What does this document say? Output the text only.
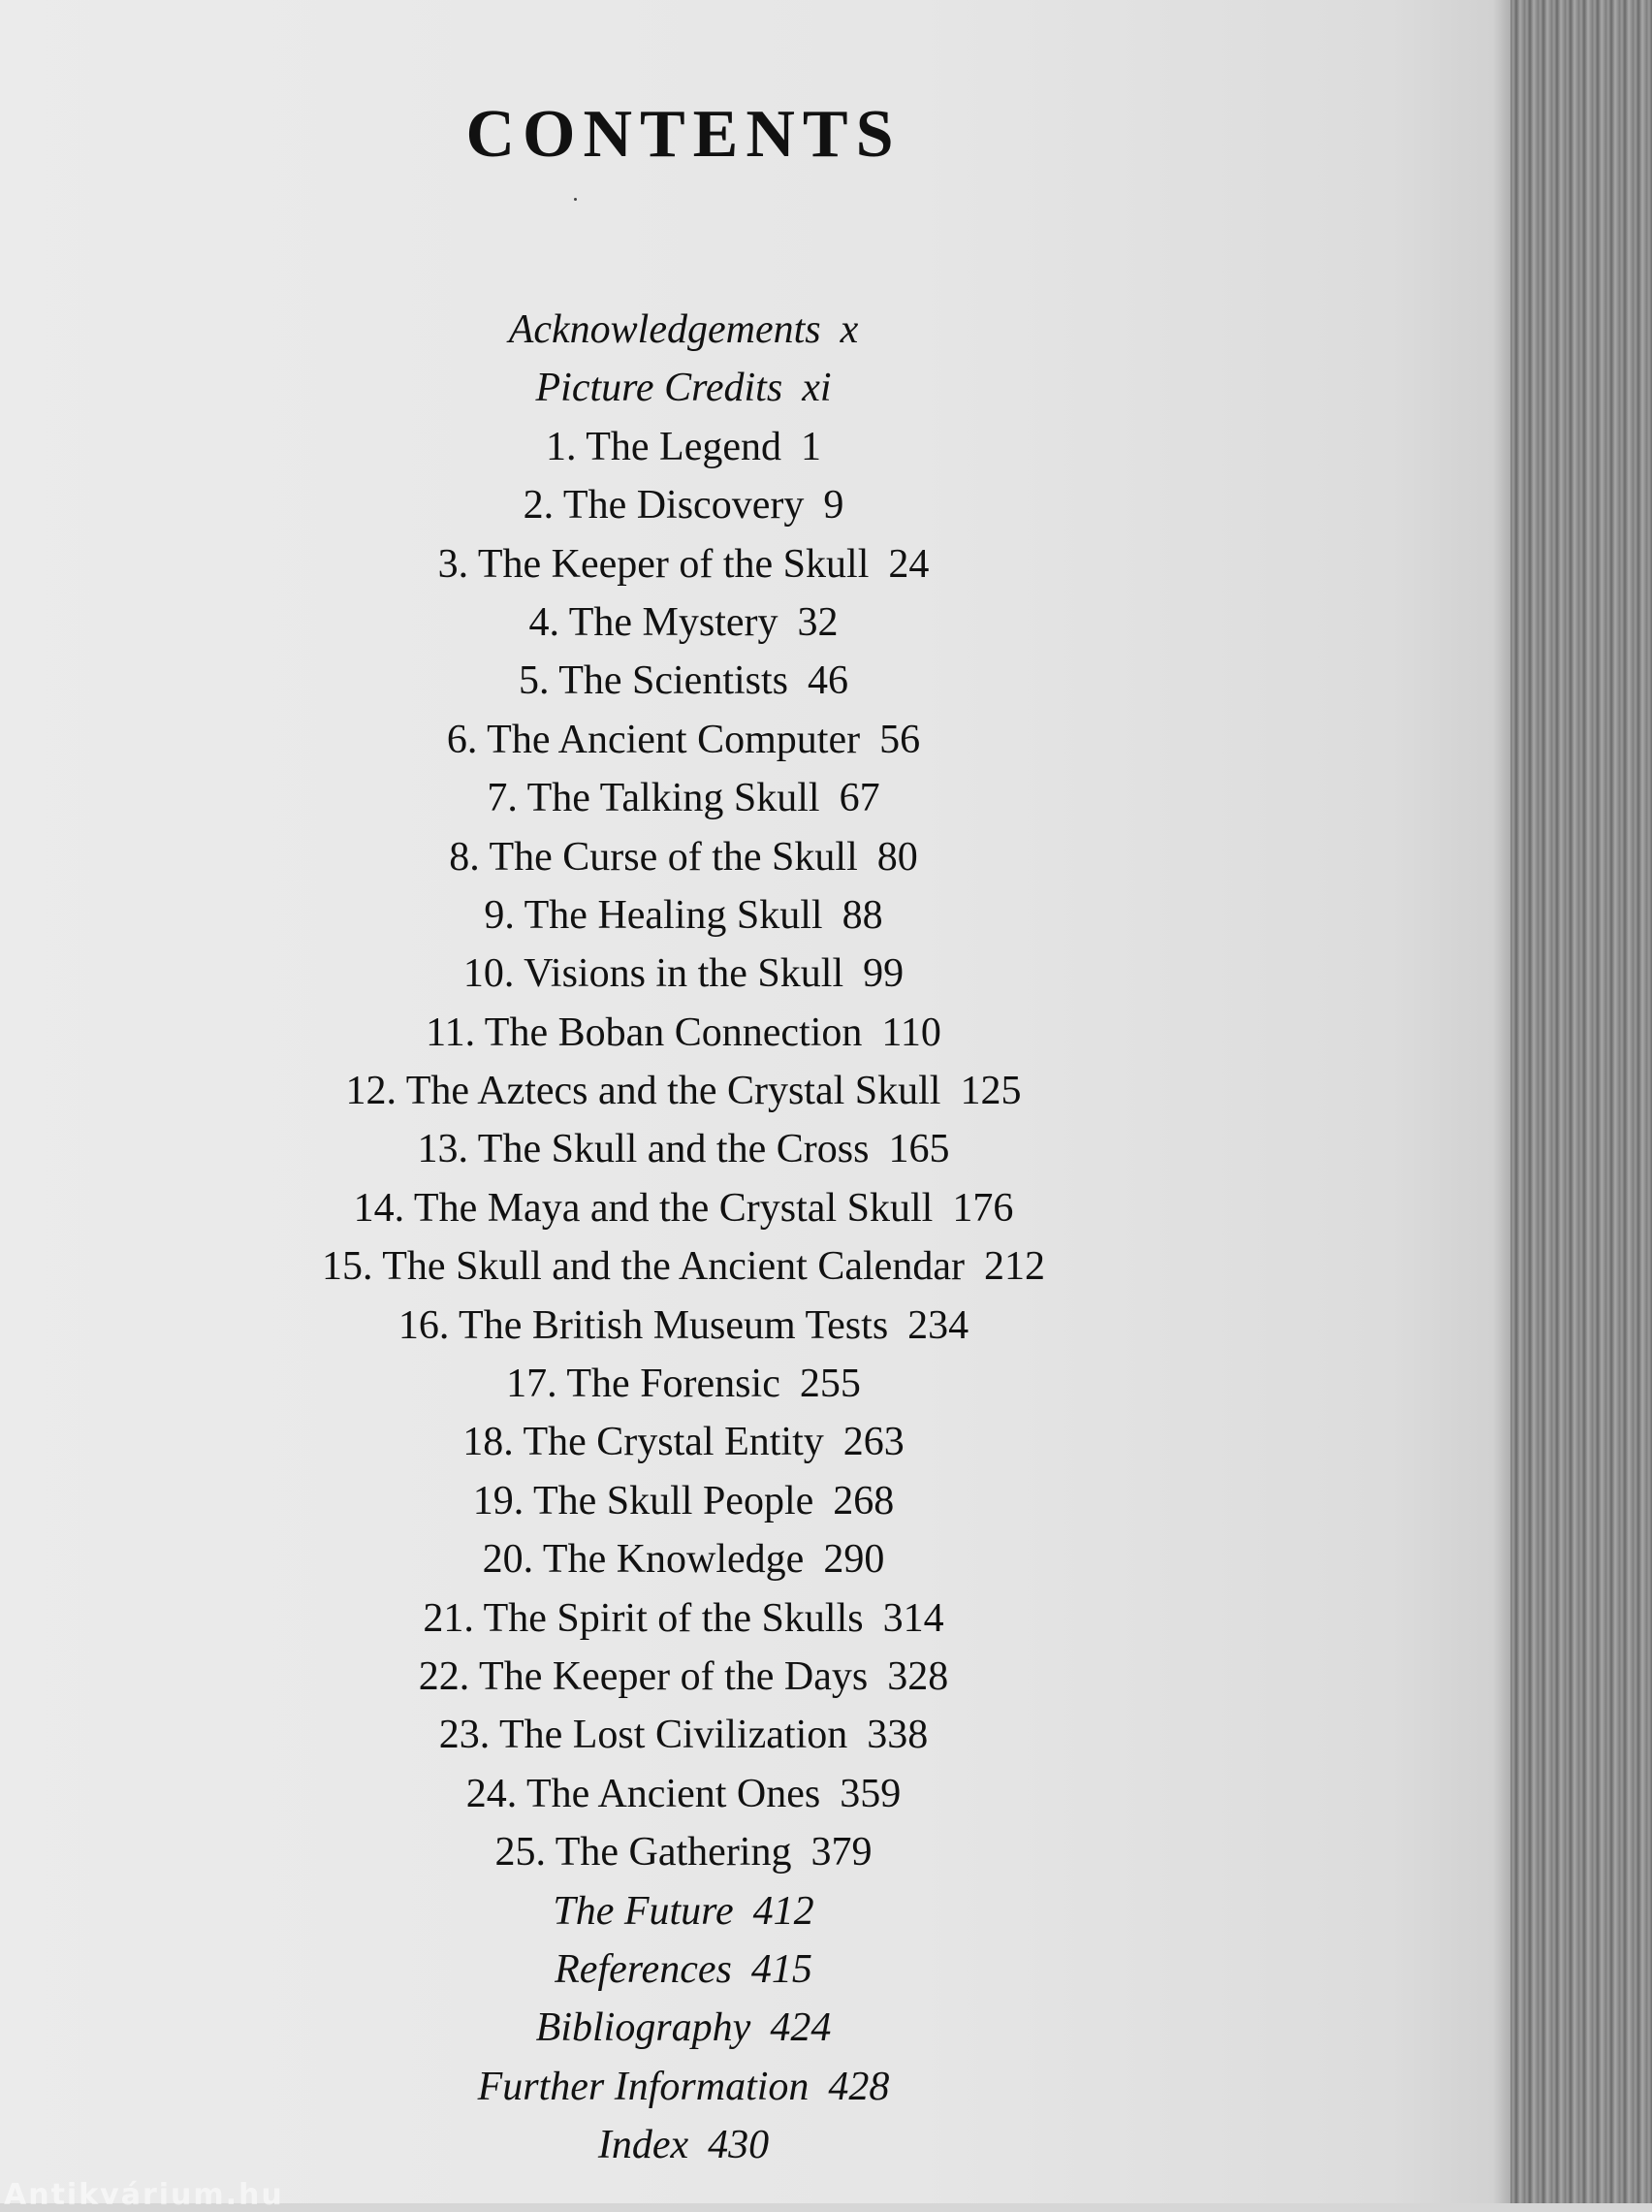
CONTENTS
Acknowledgements x
Picture Credits xi
1. The Legend 1
2. The Discovery 9
3. The Keeper of the Skull 24
4. The Mystery 32
5. The Scientists 46
6. The Ancient Computer 56
7. The Talking Skull 67
8. The Curse of the Skull 80
9. The Healing Skull 88
10. Visions in the Skull 99
11. The Boban Connection 110
12. The Aztecs and the Crystal Skull 125
13. The Skull and the Cross 165
14. The Maya and the Crystal Skull 176
15. The Skull and the Ancient Calendar 212
16. The British Museum Tests 234
17. The Forensic 255
18. The Crystal Entity 263
19. The Skull People 268
20. The Knowledge 290
21. The Spirit of the Skulls 314
22. The Keeper of the Days 328
23. The Lost Civilization 338
24. The Ancient Ones 359
25. The Gathering 379
The Future 412
References 415
Bibliography 424
Further Information 428
Index 430
Antikvárium.hu
